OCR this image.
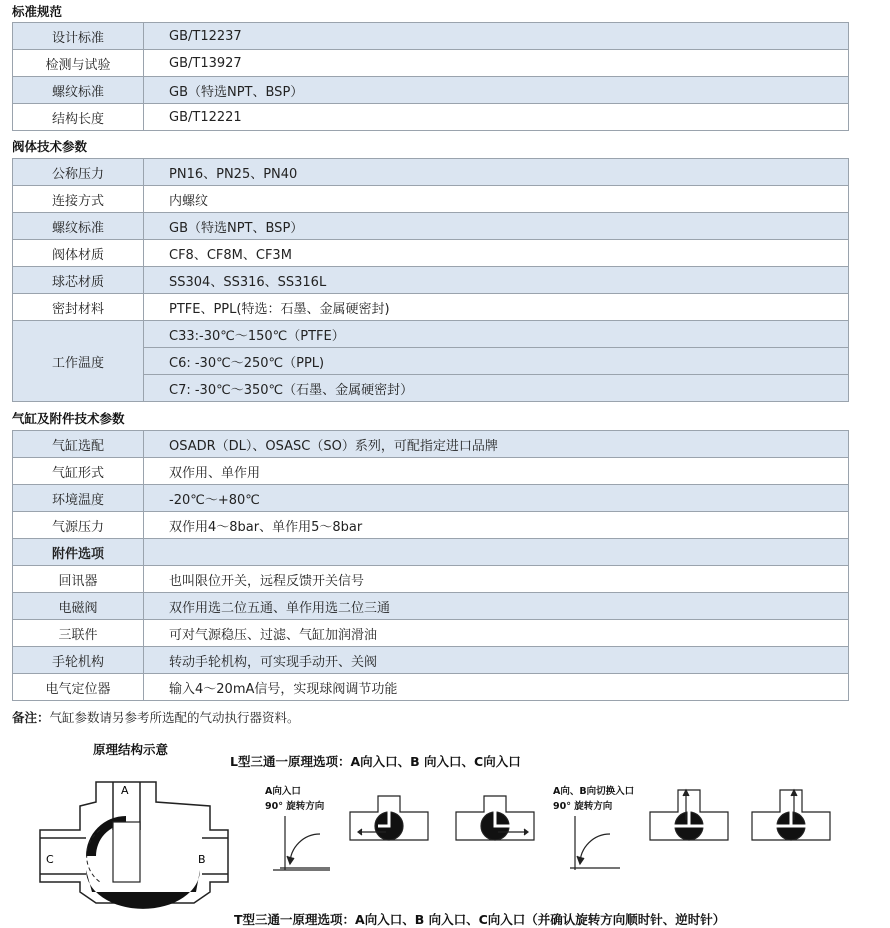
标准规范
设计标准	GB/T12237
检测与试验	GB/T13927
螺纹标准	GB（特选NPT、BSP）
结构长度	GB/T12221
阀体技术参数
公称压力	PN16、PN25、PN40
连接方式	内螺纹
螺纹标准	GB（特选NPT、BSP）
阀体材质	CF8、CF8M、CF3M
球芯材质	SS304、SS316、SS316L
密封材料	PTFE、PPL(特选：石墨、金属硬密封)
工作温度	C33:-30℃～150℃（PTFE）
	C6: -30℃～250℃（PPL)
	C7: -30℃～350℃（石墨、金属硬密封）
气缸及附件技术参数
气缸选配	OSADR（DL）、OSASC（SO）系列，可配指定进口品牌
气缸形式	双作用、单作用
环境温度	-20℃～+80℃
气源压力	双作用4～8bar、单作用5～8bar
附件选项	
回讯器	也叫限位开关，远程反馈开关信号
电磁阀	双作用选二位五通、单作用选二位三通
三联件	可对气源稳压、过滤、气缸加润滑油
手轮机构	转动手轮机构，可实现手动开、关阀
电气定位器	输入4～20mA信号，实现球阀调节功能
备注：气缸参数请另参考所选配的气动执行器资料。
原理结构示意
L型三通一原理选项：A向入口、B 向入口、C向入口
A向入口
90° 旋转方向
A向、B向切换入口
90° 旋转方向
T型三通一原理选项：A向入口、B 向入口、C向入口（并确认旋转方向顺时针、逆时针）
A
C	B
